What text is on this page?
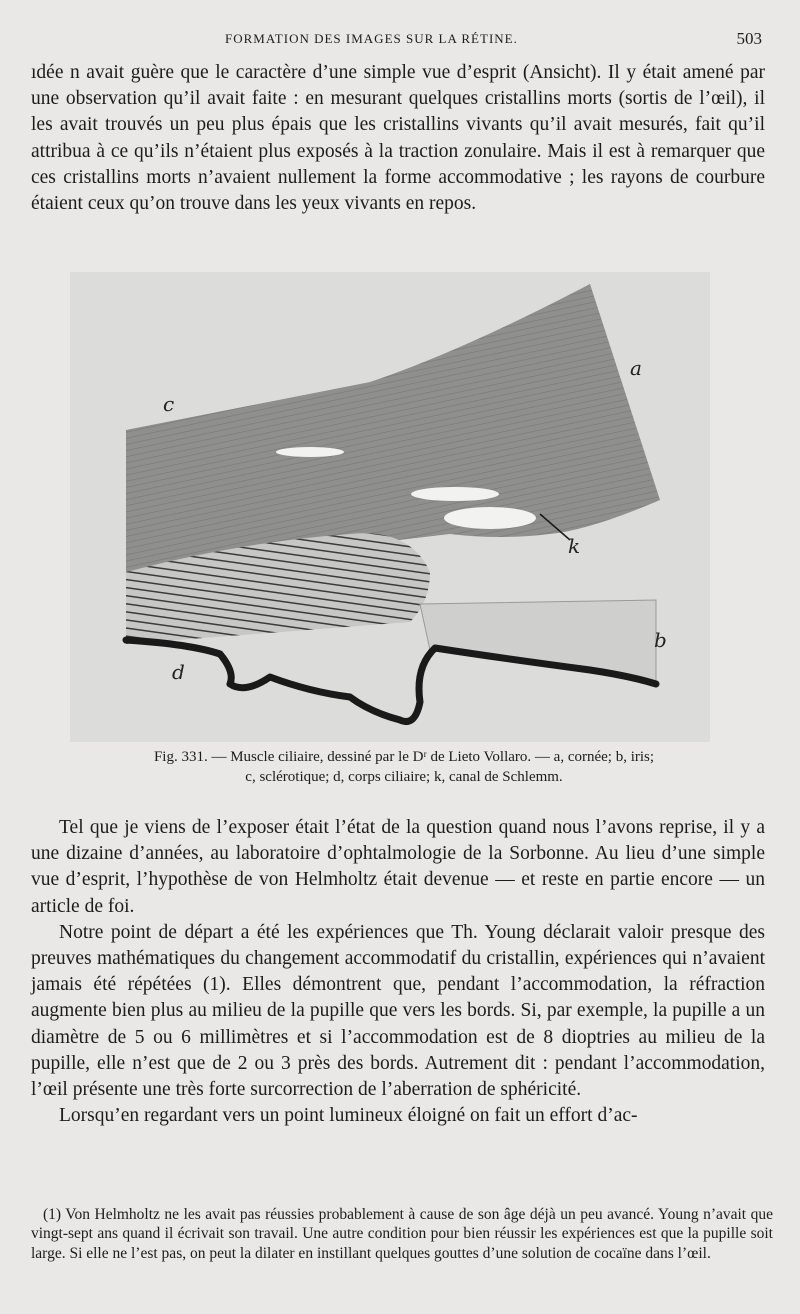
FORMATION DES IMAGES SUR LA RÉTINE.	503

ıdée n avait guère que le caractère d’une simple vue d’esprit (Ansicht). Il y était amené par une observation qu’il avait faite : en mesurant quelques cristallins morts (sortis de l’œil), il les avait trouvés un peu plus épais que les cristallins vivants qu’il avait mesurés, fait qu’il attribua à ce qu’ils n’étaient plus exposés à la traction zonulaire. Mais il est à remarquer que ces cristallins morts n’avaient nullement la forme accommodative ; les rayons de courbure étaient ceux qu’on trouve dans les yeux vivants en repos.

a
b
c
d
k
Fig. 331. — Muscle ciliaire, dessiné par le Dʳ de Lieto Vollaro. — a, cornée; b, iris;
c, sclérotique; d, corps ciliaire; k, canal de Schlemm.

Tel que je viens de l’exposer était l’état de la question quand nous l’avons reprise, il y a une dizaine d’années, au laboratoire d’ophtalmologie de la Sorbonne. Au lieu d’une simple vue d’esprit, l’hypothèse de von Helmholtz était devenue — et reste en partie encore — un article de foi.

Notre point de départ a été les expériences que Th. Young déclarait valoir presque des preuves mathématiques du changement accommodatif du cristallin, expériences qui n’avaient jamais été répétées (1). Elles démontrent que, pendant l’accommodation, la réfraction augmente bien plus au milieu de la pupille que vers les bords. Si, par exemple, la pupille a un diamètre de 5 ou 6 millimètres et si l’accommodation est de 8 dioptries au milieu de la pupille, elle n’est que de 2 ou 3 près des bords. Autrement dit : pendant l’accommodation, l’œil présente une très forte surcorrection de l’aberration de sphéricité.

Lorsqu’en regardant vers un point lumineux éloigné on fait un effort d’ac-

(1) Von Helmholtz ne les avait pas réussies probablement à cause de son âge déjà un peu avancé. Young n’avait que vingt-sept ans quand il écrivait son travail. Une autre condition pour bien réussir les expériences est que la pupille soit large. Si elle ne l’est pas, on peut la dilater en instillant quelques gouttes d’une solution de cocaïne dans l’œil.
